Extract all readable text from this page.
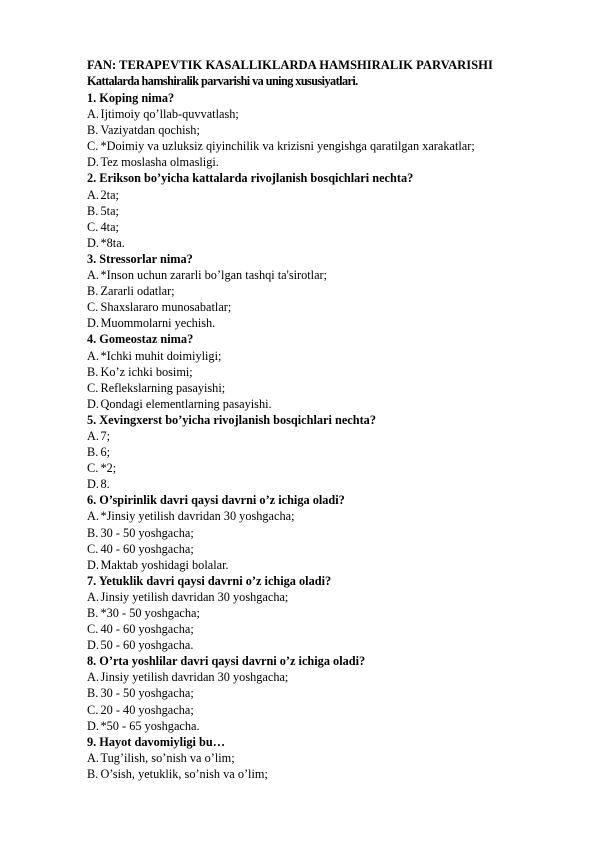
FAN: TERAPEVTIK KASALLIKLARDA HAMSHIRALIK PARVARISHI
Kattalarda hamshiralik parvarishi va uning xususiyatlari.
1. Koping nima?
A. Ijtimoiy qo’llab-quvvatlash;
B. Vaziyatdan qochish;
C. *Doimiy va uzluksiz qiyinchilik va krizisni yengishga qaratilgan xarakatlar;
D. Tez moslasha olmasligi.
2. Erikson bo’yicha kattalarda rivojlanish bosqichlari nechta?
A. 2ta;
B. 5ta;
C. 4ta;
D. *8ta.
3. Stressorlar nima?
A. *Inson uchun zararli bo’lgan tashqi ta'sirotlar;
B. Zararli odatlar;
C. Shaxslararo munosabatlar;
D. Muommolarni yechish.
4. Gomeostaz nima?
A. *Ichki muhit doimiyligi;
B. Ko’z ichki bosimi;
C. Reflekslarning pasayishi;
D. Qondagi elementlarning pasayishi.
5. Xevingxerst bo’yicha rivojlanish bosqichlari nechta?
A. 7;
B. 6;
C. *2;
D. 8.
6. O’spirinlik davri qaysi davrni o’z ichiga oladi?
A. *Jinsiy yetilish davridan 30 yoshgacha;
B. 30 - 50 yoshgacha;
C. 40 - 60 yoshgacha;
D. Maktab yoshidagi bolalar.
7. Yetuklik davri qaysi davrni o’z ichiga oladi?
A. Jinsiy yetilish davridan 30 yoshgacha;
B. *30 - 50 yoshgacha;
C. 40 - 60 yoshgacha;
D. 50 - 60 yoshgacha.
8. O’rta yoshlilar davri qaysi davrni o’z ichiga oladi?
A. Jinsiy yetilish davridan 30 yoshgacha;
B. 30 - 50 yoshgacha;
C. 20 - 40 yoshgacha;
D. *50 - 65 yoshgacha.
9. Hayot davomiyligi bu…
A. Tug’ilish, so’nish va o’lim;
B. O’sish, yetuklik, so’nish va o’lim;
